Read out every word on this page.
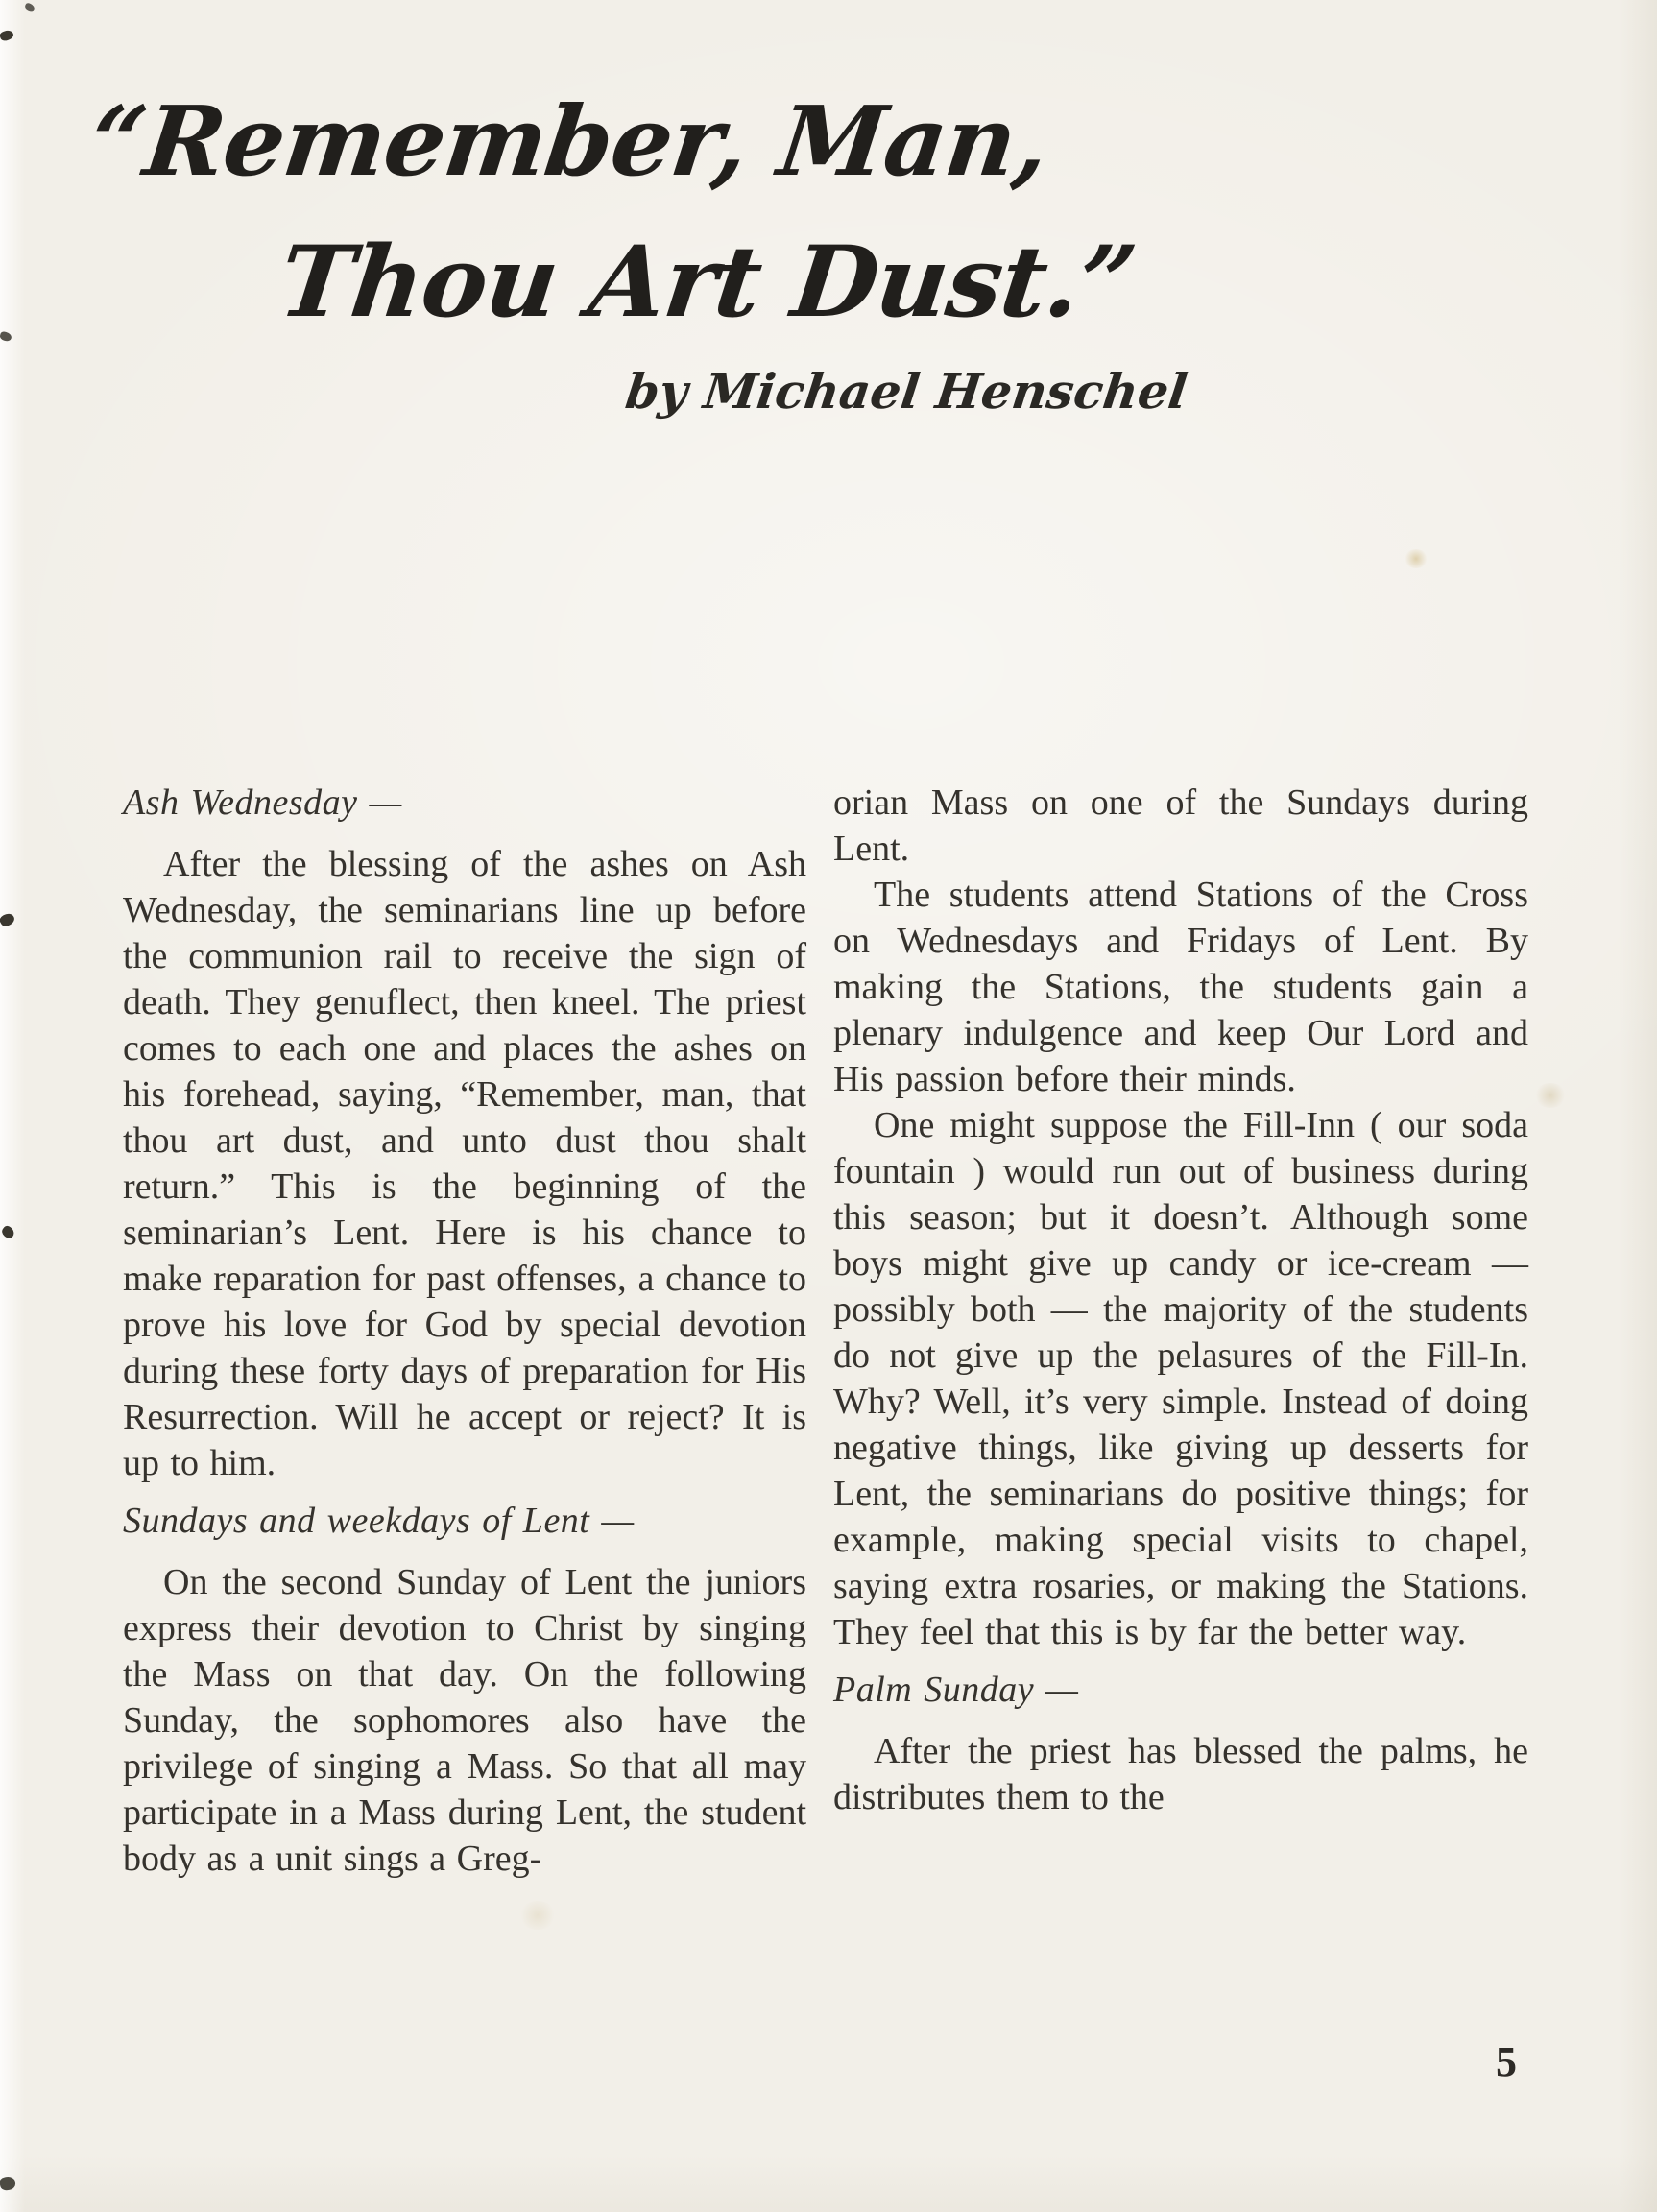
“Remember, Man,
Thou Art Dust.”
by Michael Henschel
Ash Wednesday —

After the blessing of the ashes on Ash Wednesday, the seminarians line up before the communion rail to receive the sign of death. They genuflect, then kneel. The priest comes to each one and places the ashes on his forehead, saying, “Remember, man, that thou art dust, and unto dust thou shalt return.” This is the beginning of the seminarian’s Lent. Here is his chance to make reparation for past offenses, a chance to prove his love for God by special devotion during these forty days of preparation for His Resurrection. Will he accept or reject? It is up to him.

Sundays and weekdays of Lent —

On the second Sunday of Lent the juniors express their devotion to Christ by singing the Mass on that day. On the following Sunday, the sophomores also have the privilege of singing a Mass. So that all may participate in a Mass during Lent, the student body as a unit sings a Greg-

orian Mass on one of the Sundays during Lent.

The students attend Stations of the Cross on Wednesdays and Fridays of Lent. By making the Stations, the students gain a plenary indulgence and keep Our Lord and His passion before their minds.

One might suppose the Fill-Inn ( our soda fountain ) would run out of business during this season; but it doesn’t. Although some boys might give up candy or ice-cream — possibly both — the majority of the students do not give up the pelasures of the Fill-In. Why? Well, it’s very simple. Instead of doing negative things, like giving up desserts for Lent, the seminarians do positive things; for example, making special visits to chapel, saying extra rosaries, or making the Stations. They feel that this is by far the better way.

Palm Sunday —

After the priest has blessed the palms, he distributes them to the

5
